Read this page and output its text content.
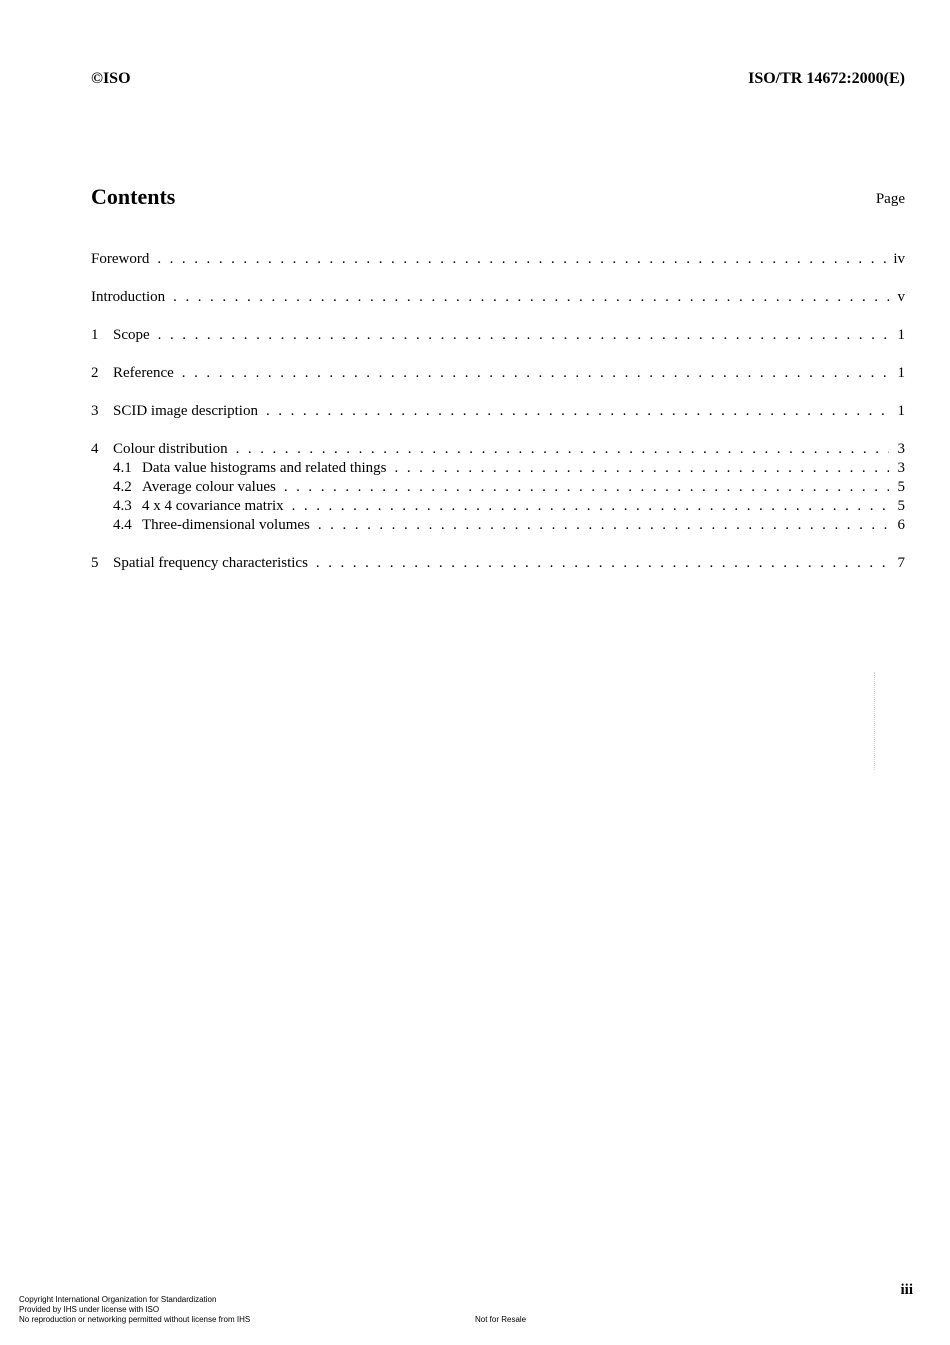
©ISO	ISO/TR 14672:2000(E)
Contents	Page
Foreword . . .	iv
Introduction . . .	v
1 Scope . . .	1
2 Reference . . .	1
3 SCID image description . . .	1
4 Colour distribution . . .	3
4.1 Data value histograms and related things . . .	3
4.2 Average colour values . . .	5
4.3 4 x 4 covariance matrix . . .	5
4.4 Three-dimensional volumes . . .	6
5 Spatial frequency characteristics . . .	7
iii
Copyright International Organization for Standardization
Provided by IHS under license with ISO
No reproduction or networking permitted without license from IHS	Not for Resale
